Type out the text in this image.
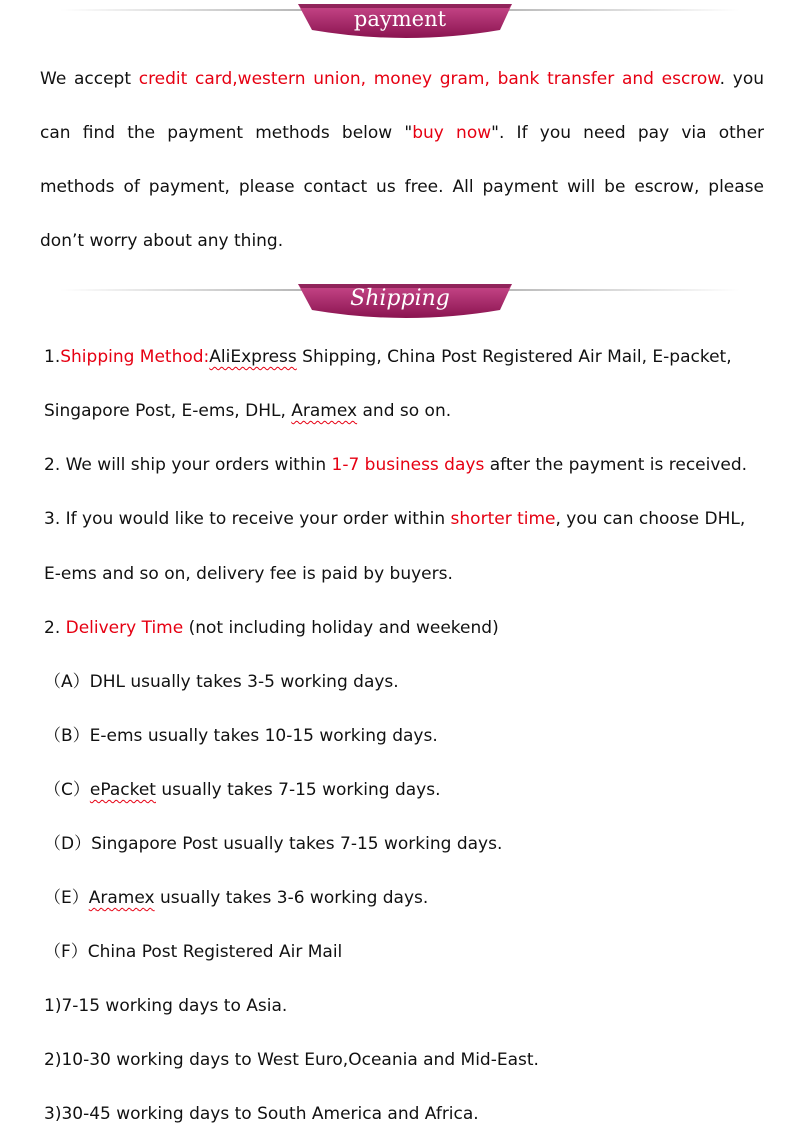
payment
We accept credit card,western union, money gram, bank transfer and escrow. you
can find the payment methods below "buy now". If you need pay via other
methods of payment, please contact us free. All payment will be escrow, please
don’t worry about any thing.
Shipping
1.Shipping Method:AliExpress Shipping, China Post Registered Air Mail, E-packet,
Singapore Post, E-ems, DHL, Aramex and so on.
2. We will ship your orders within 1-7 business days after the payment is received.
3. If you would like to receive your order within shorter time, you can choose DHL,
E-ems and so on, delivery fee is paid by buyers.
2. Delivery Time (not including holiday and weekend)
（A）DHL usually takes 3-5 working days.
（B）E-ems usually takes 10-15 working days.
（C）ePacket usually takes 7-15 working days.
（D）Singapore Post usually takes 7-15 working days.
（E）Aramex usually takes 3-6 working days.
（F）China Post Registered Air Mail
1)7-15 working days to Asia.
2)10-30 working days to West Euro,Oceania and Mid-East.
3)30-45 working days to South America and Africa.
